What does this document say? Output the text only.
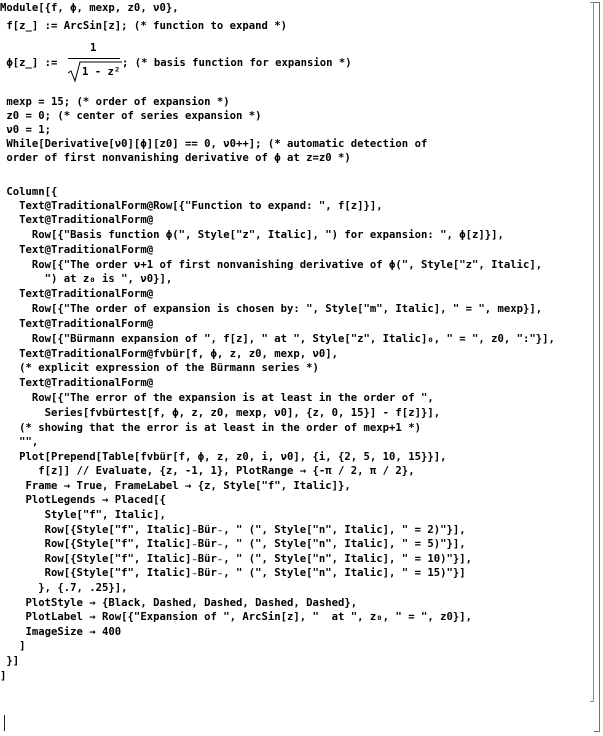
Module[{f, ϕ, mexp, z0, ν0},
f[z_] := ArcSin[z]; (* function to expand *)
mexp = 15; (* order of expansion *)
z0 = 0; (* center of series expansion *)
ν0 = 1;
While[Derivative[ν0][ϕ][z0] == 0, ν0++]; (* automatic detection of
order of first nonvanishing derivative of ϕ at z=z0 *)
Column[{
Text@TraditionalForm@Row[{"Function to expand: ", f[z]}],
Text@TraditionalForm@
Row[{"Basis function ϕ(", Style["z", Italic], ") for expansion: ", ϕ[z]}],
Text@TraditionalForm@
Row[{"The order ν+1 of first nonvanishing derivative of ϕ(", Style["z", Italic],
") at z₀ is ", ν0}],
Text@TraditionalForm@
Row[{"The order of expansion is chosen by: ", Style["m", Italic], " = ", mexp}],
Text@TraditionalForm@
Row[{"Bürmann expansion of ", f[z], " at ", Style["z", Italic]₀, " = ", z0, ":"}],
Text@TraditionalForm@fvbür[f, ϕ, z, z0, mexp, ν0],
(* explicit expression of the Bürmann series *)
Text@TraditionalForm@
Row[{"The error of the expansion is at least in the order of ",
Series[fvbürtest[f, ϕ, z, z0, mexp, ν0], {z, 0, 15}] - f[z]}],
(* showing that the error is at least in the order of mexp+1 *)
"",
Plot[Prepend[Table[fvbür[f, ϕ, z, z0, i, ν0], {i, {2, 5, 10, 15}}],
f[z]] // Evaluate, {z, -1, 1}, PlotRange → {-π / 2, π / 2},
Frame → True, FrameLabel → {z, Style["f", Italic]},
PlotLegends → Placed[{
Style["f", Italic],
Row[{Style["f", Italic]₋Bür₋, " (", Style["n", Italic], " = 2)"}],
Row[{Style["f", Italic]₋Bür₋, " (", Style["n", Italic], " = 5)"}],
Row[{Style["f", Italic]₋Bür₋, " (", Style["n", Italic], " = 10)"}],
Row[{Style["f", Italic]₋Bür₋, " (", Style["n", Italic], " = 15)"}]
}, {.7, .25}],
PlotStyle → {Black, Dashed, Dashed, Dashed, Dashed},
PlotLabel → Row[{"Expansion of ", ArcSin[z], "  at ", z₀, " = ", z0}],
ImageSize → 400
]
}]
]
ϕ[z_] :=
1
1 - z²
; (* basis function for expansion *)
